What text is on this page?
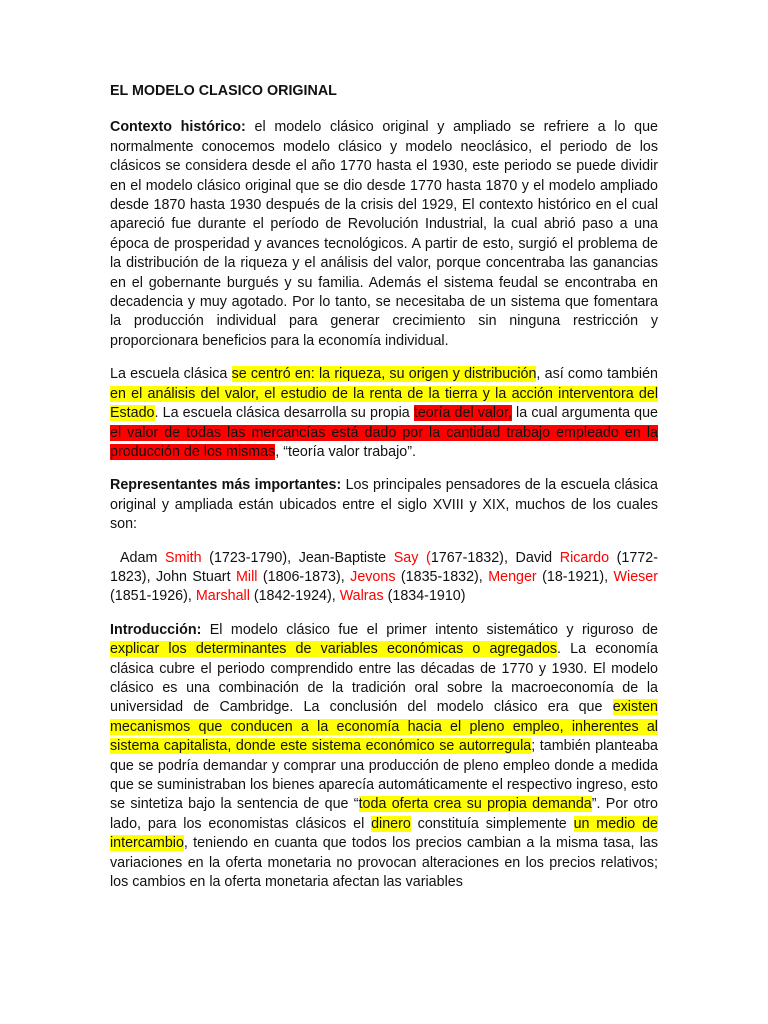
EL MODELO CLASICO ORIGINAL

Contexto histórico: el modelo clásico original y ampliado se refriere a lo que normalmente conocemos modelo clásico y modelo neoclásico, el periodo de los clásicos se considera desde el año 1770 hasta el 1930, este periodo se puede dividir en el modelo clásico original que se dio desde 1770 hasta 1870 y el modelo ampliado desde 1870 hasta 1930 después de la crisis del 1929, El contexto histórico en el cual apareció fue durante el período de Revolución Industrial, la cual abrió paso a una época de prosperidad y avances tecnológicos. A partir de esto, surgió el problema de la distribución de la riqueza y el análisis del valor, porque concentraba las ganancias en el gobernante burgués y su familia. Además el sistema feudal se encontraba en decadencia y muy agotado. Por lo tanto, se necesitaba de un sistema que fomentara la producción individual para generar crecimiento sin ninguna restricción y proporcionara beneficios para la economía individual.

La escuela clásica se centró en: la riqueza, su origen y distribución, así como también en el análisis del valor, el estudio de la renta de la tierra y la acción interventora del Estado. La escuela clásica desarrolla su propia teoría del valor, la cual argumenta que el valor de todas las mercancías está dado por la cantidad trabajo empleado en la producción de los mismas, “teoría valor trabajo”.

Representantes más importantes: Los principales pensadores de la escuela clásica original y ampliada están ubicados entre el siglo XVIII y XIX, muchos de los cuales son:

Adam Smith (1723-1790), Jean-Baptiste Say (1767-1832), David Ricardo (1772-1823), John Stuart Mill (1806-1873), Jevons (1835-1832), Menger (18-1921), Wieser (1851-1926), Marshall (1842-1924), Walras (1834-1910)

Introducción: El modelo clásico fue el primer intento sistemático y riguroso de explicar los determinantes de variables económicas o agregados. La economía clásica cubre el periodo comprendido entre las décadas de 1770 y 1930. El modelo clásico es una combinación de la tradición oral sobre la macroeconomía de la universidad de Cambridge. La conclusión del modelo clásico era que existen mecanismos que conducen a la economía hacia el pleno empleo, inherentes al sistema capitalista, donde este sistema económico se autorregula; también planteaba que se podría demandar y comprar una producción de pleno empleo donde a medida que se suministraban los bienes aparecía automáticamente el respectivo ingreso, esto se sintetiza bajo la sentencia de que “toda oferta crea su propia demanda”. Por otro lado, para los economistas clásicos el dinero constituía simplemente un medio de intercambio, teniendo en cuanta que todos los precios cambian a la misma tasa, las variaciones en la oferta monetaria no provocan alteraciones en los precios relativos; los cambios en la oferta monetaria afectan las variables
